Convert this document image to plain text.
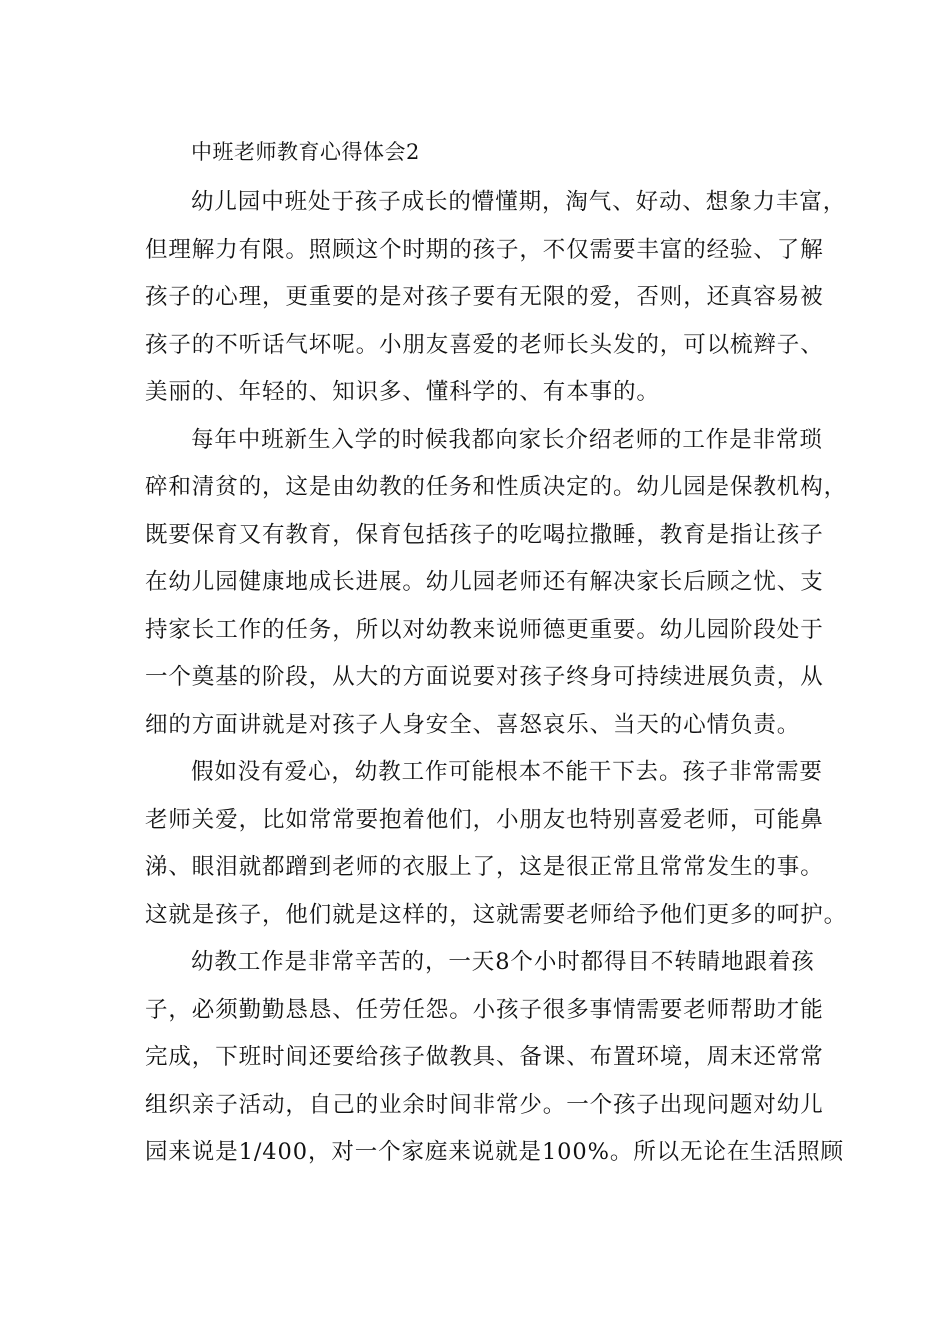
中班老师教育心得体会2
幼儿园中班处于孩子成长的懵懂期，淘气、好动、想象力丰富，
但理解力有限。照顾这个时期的孩子，不仅需要丰富的经验、了解
孩子的心理，更重要的是对孩子要有无限的爱，否则，还真容易被
孩子的不听话气坏呢。小朋友喜爱的老师长头发的，可以梳辫子、
美丽的、年轻的、知识多、懂科学的、有本事的。
每年中班新生入学的时候我都向家长介绍老师的工作是非常琐
碎和清贫的，这是由幼教的任务和性质决定的。幼儿园是保教机构，
既要保育又有教育，保育包括孩子的吃喝拉撒睡，教育是指让孩子
在幼儿园健康地成长进展。幼儿园老师还有解决家长后顾之忧、支
持家长工作的任务，所以对幼教来说师德更重要。幼儿园阶段处于
一个奠基的阶段，从大的方面说要对孩子终身可持续进展负责，从
细的方面讲就是对孩子人身安全、喜怒哀乐、当天的心情负责。
假如没有爱心，幼教工作可能根本不能干下去。孩子非常需要
老师关爱，比如常常要抱着他们，小朋友也特别喜爱老师，可能鼻
涕、眼泪就都蹭到老师的衣服上了，这是很正常且常常发生的事。
这就是孩子，他们就是这样的，这就需要老师给予他们更多的呵护。
幼教工作是非常辛苦的，一天8个小时都得目不转睛地跟着孩
子，必须勤勤恳恳、任劳任怨。小孩子很多事情需要老师帮助才能
完成，下班时间还要给孩子做教具、备课、布置环境，周末还常常
组织亲子活动，自己的业余时间非常少。一个孩子出现问题对幼儿
园来说是1/400，对一个家庭来说就是100%。所以无论在生活照顾
